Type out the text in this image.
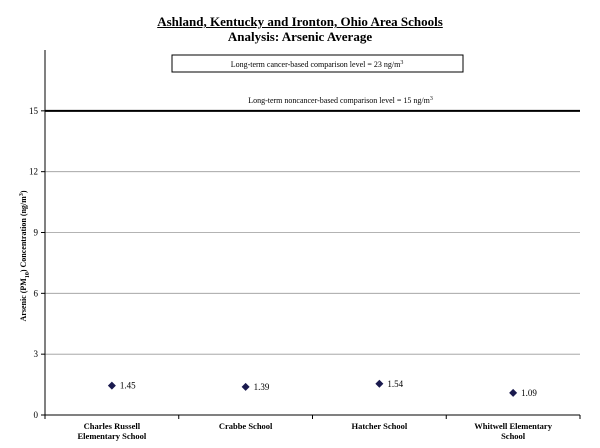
Ashland, Kentucky and Ironton, Ohio Area Schools
Analysis: Arsenic Average
0
3
6
9
12
15
Long-term noncancer-based comparison level = 15 $ng/m^3$
Long-term cancer-based comparison level = 23 $ng/m^3$
1.45	1.39	1.54
1.09
Charles Russell Elementary School
Crabbe School	Hatcher School	Whitwell Elementary School
Arsenic $(PM_{10})$ Concentration $(ng/m^3)$
